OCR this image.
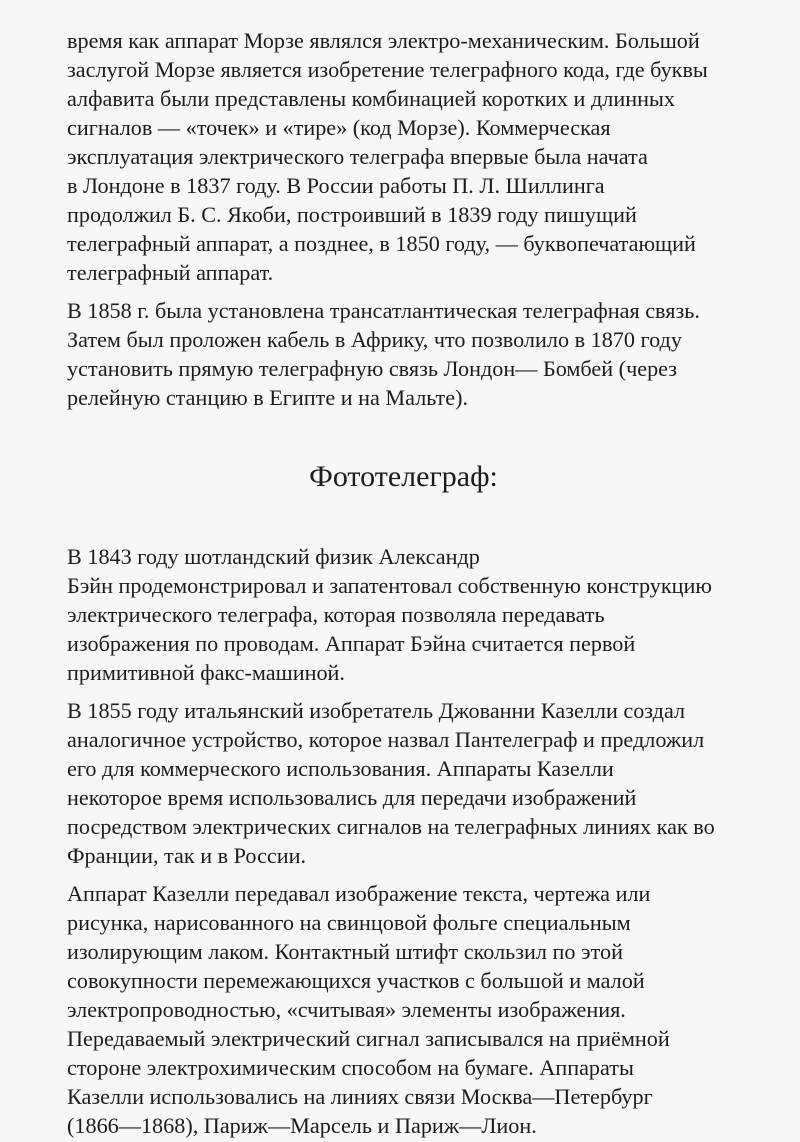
время как аппарат Морзе являлся электро-механическим. Большой
заслугой Морзе является изобретение телеграфного кода, где буквы
алфавита были представлены комбинацией коротких и длинных
сигналов — «точек» и «тире» (код Морзе). Коммерческая
эксплуатация электрического телеграфа впервые была начата
в Лондоне в 1837 году. В России работы П. Л. Шиллинга
продолжил Б. С. Якоби, построивший в 1839 году пишущий
телеграфный аппарат, а позднее, в 1850 году, — буквопечатающий
телеграфный аппарат.

В 1858 г. была установлена трансатлантическая телеграфная связь.
Затем был проложен кабель в Африку, что позволило в 1870 году
установить прямую телеграфную связь Лондон— Бомбей (через
релейную станцию в Египте и на Мальте).

Фототелеграф:

В 1843 году шотландский физик Александр
Бэйн продемонстрировал и запатентовал собственную конструкцию
электрического телеграфа, которая позволяла передавать
изображения по проводам. Аппарат Бэйна считается первой
примитивной факс-машиной.

В 1855 году итальянский изобретатель Джованни Казелли создал
аналогичное устройство, которое назвал Пантелеграф и предложил
его для коммерческого использования. Аппараты Казелли
некоторое время использовались для передачи изображений
посредством электрических сигналов на телеграфных линиях как во
Франции, так и в России.

Аппарат Казелли передавал изображение текста, чертежа или
рисунка, нарисованного на свинцовой фольге специальным
изолирующим лаком. Контактный штифт скользил по этой
совокупности перемежающихся участков с большой и малой
электропроводностью, «считывая» элементы изображения.
Передаваемый электрический сигнал записывался на приёмной
стороне электрохимическим способом на бумаге. Аппараты
Казелли использовались на линиях связи Москва—Петербург
(1866—1868), Париж—Марсель и Париж—Лион.
